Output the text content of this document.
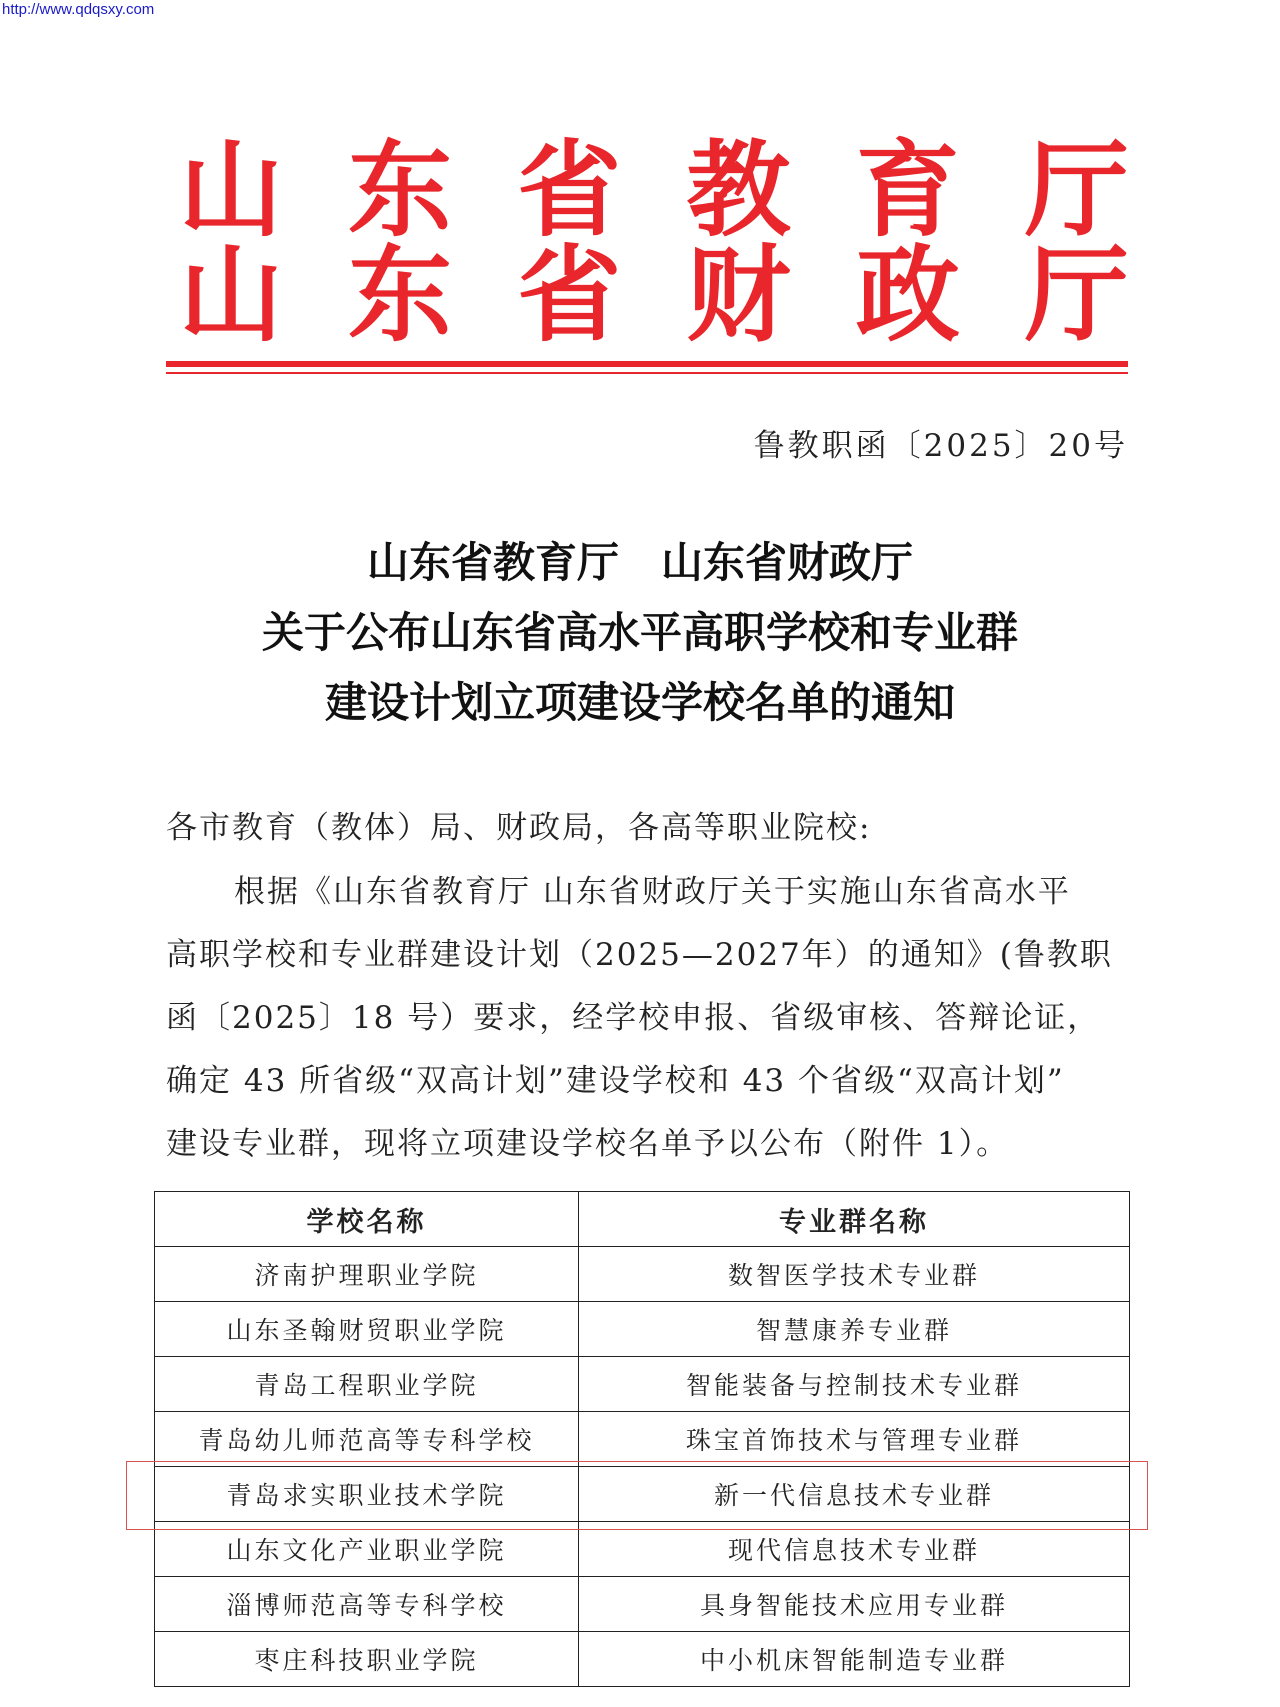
http://www.qdqsxy.com
山 东 省 教 育 厅
山 东 省 财 政 厅
鲁教职函〔2025〕20号
山东省教育厅　山东省财政厅
关于公布山东省高水平高职学校和专业群
建设计划立项建设学校名单的通知
各市教育（教体）局、财政局，各高等职业院校:
根据《山东省教育厅 山东省财政厅关于实施山东省高水平
高职学校和专业群建设计划（2025—2027年）的通知》(鲁教职
函〔2025〕18 号）要求，经学校申报、省级审核、答辩论证，
确定 43 所省级“双高计划”建设学校和 43 个省级“双高计划”
建设专业群，现将立项建设学校名单予以公布（附件 1）。
学校名称	专业群名称
济南护理职业学院	数智医学技术专业群
山东圣翰财贸职业学院	智慧康养专业群
青岛工程职业学院	智能装备与控制技术专业群
青岛幼儿师范高等专科学校	珠宝首饰技术与管理专业群
青岛求实职业技术学院	新一代信息技术专业群
山东文化产业职业学院	现代信息技术专业群
淄博师范高等专科学校	具身智能技术应用专业群
枣庄科技职业学院	中小机床智能制造专业群
